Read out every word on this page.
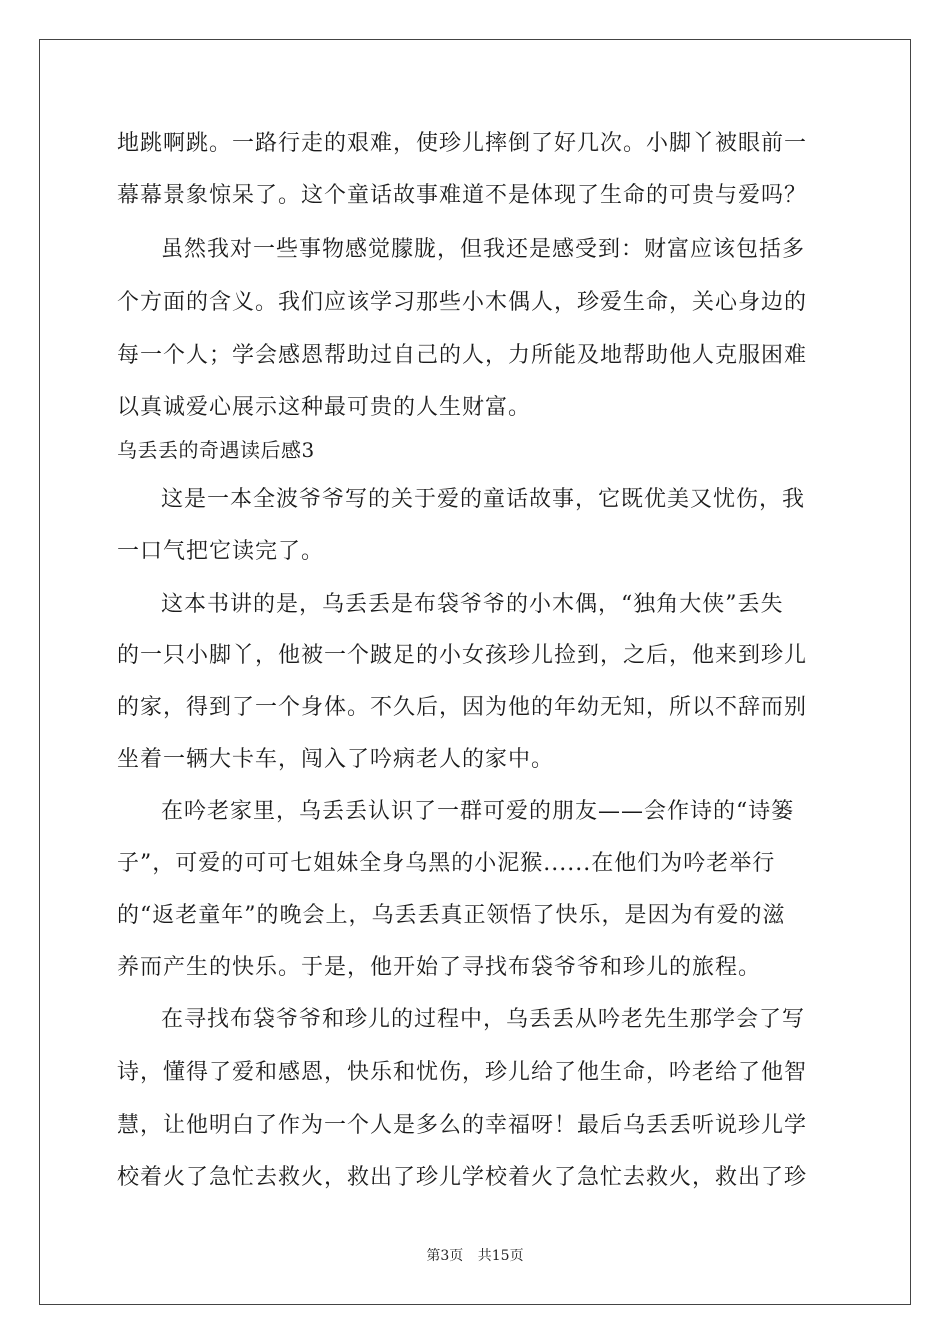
地跳啊跳。一路行走的艰难，使珍儿摔倒了好几次。小脚丫被眼前一
幕幕景象惊呆了。这个童话故事难道不是体现了生命的可贵与爱吗？
虽然我对一些事物感觉朦胧，但我还是感受到：财富应该包括多
个方面的含义。我们应该学习那些小木偶人，珍爱生命，关心身边的
每一个人；学会感恩帮助过自己的人，力所能及地帮助他人克服困难
以真诚爱心展示这种最可贵的人生财富。
乌丢丢的奇遇读后感3
这是一本全波爷爷写的关于爱的童话故事，它既优美又忧伤，我
一口气把它读完了。
这本书讲的是，乌丢丢是布袋爷爷的小木偶，“独角大侠”丢失
的一只小脚丫，他被一个跛足的小女孩珍儿捡到，之后，他来到珍儿
的家，得到了一个身体。不久后，因为他的年幼无知，所以不辞而别
坐着一辆大卡车，闯入了吟病老人的家中。
在吟老家里，乌丢丢认识了一群可爱的朋友——会作诗的“诗篓
子”，可爱的可可七姐妹全身乌黑的小泥猴......在他们为吟老举行
的“返老童年”的晚会上，乌丢丢真正领悟了快乐，是因为有爱的滋
养而产生的快乐。于是，他开始了寻找布袋爷爷和珍儿的旅程。
在寻找布袋爷爷和珍儿的过程中，乌丢丢从吟老先生那学会了写
诗，懂得了爱和感恩，快乐和忧伤，珍儿给了他生命，吟老给了他智
慧，让他明白了作为一个人是多么的幸福呀！最后乌丢丢听说珍儿学
校着火了急忙去救火，救出了珍儿学校着火了急忙去救火，救出了珍
第3页 共15页
